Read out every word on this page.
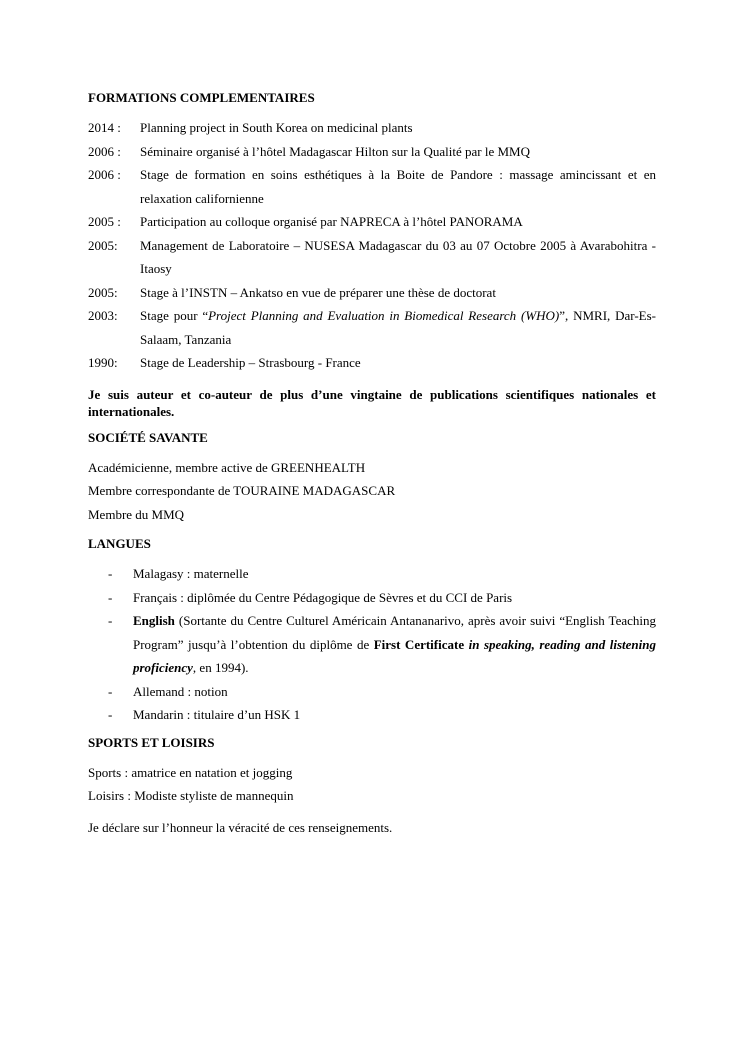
FORMATIONS COMPLEMENTAIRES
2014 :	Planning project in South Korea on medicinal plants
2006 :	Séminaire organisé à l’hôtel Madagascar Hilton sur la Qualité par le MMQ
2006 :	Stage de formation en soins esthétiques à la Boite de Pandore : massage amincissant et en relaxation californienne
2005 :	Participation au colloque organisé par NAPRECA à l’hôtel PANORAMA
2005:	Management de Laboratoire – NUSESA Madagascar du 03 au 07 Octobre 2005 à Avarabohitra - Itaosy
2005:	Stage à l’INSTN – Ankatso en vue de préparer une thèse de doctorat
2003:	Stage pour “Project Planning and Evaluation in Biomedical Research (WHO)”, NMRI, Dar-Es-Salaam, Tanzania
1990:	Stage de Leadership – Strasbourg - France
Je suis auteur et co-auteur de plus d’une vingtaine de publications scientifiques nationales et internationales.
SOCIÉTÉ SAVANTE
Académicienne, membre active de GREENHEALTH
Membre correspondante de TOURAINE MADAGASCAR
Membre du MMQ
LANGUES
-	Malagasy : maternelle
-	Français : diplômée du Centre Pédagogique de Sèvres et du CCI de Paris
-	English (Sortante du Centre Culturel Américain Antananarivo, après avoir suivi “English Teaching Program” jusqu’à l’obtention du diplôme de First Certificate in speaking, reading and listening proficiency, en 1994).
-	Allemand : notion
-	Mandarin : titulaire d’un HSK 1
SPORTS ET LOISIRS
Sports : amatrice en natation et jogging
Loisirs : Modiste styliste de mannequin
Je déclare sur l’honneur la véracité de ces renseignements.
